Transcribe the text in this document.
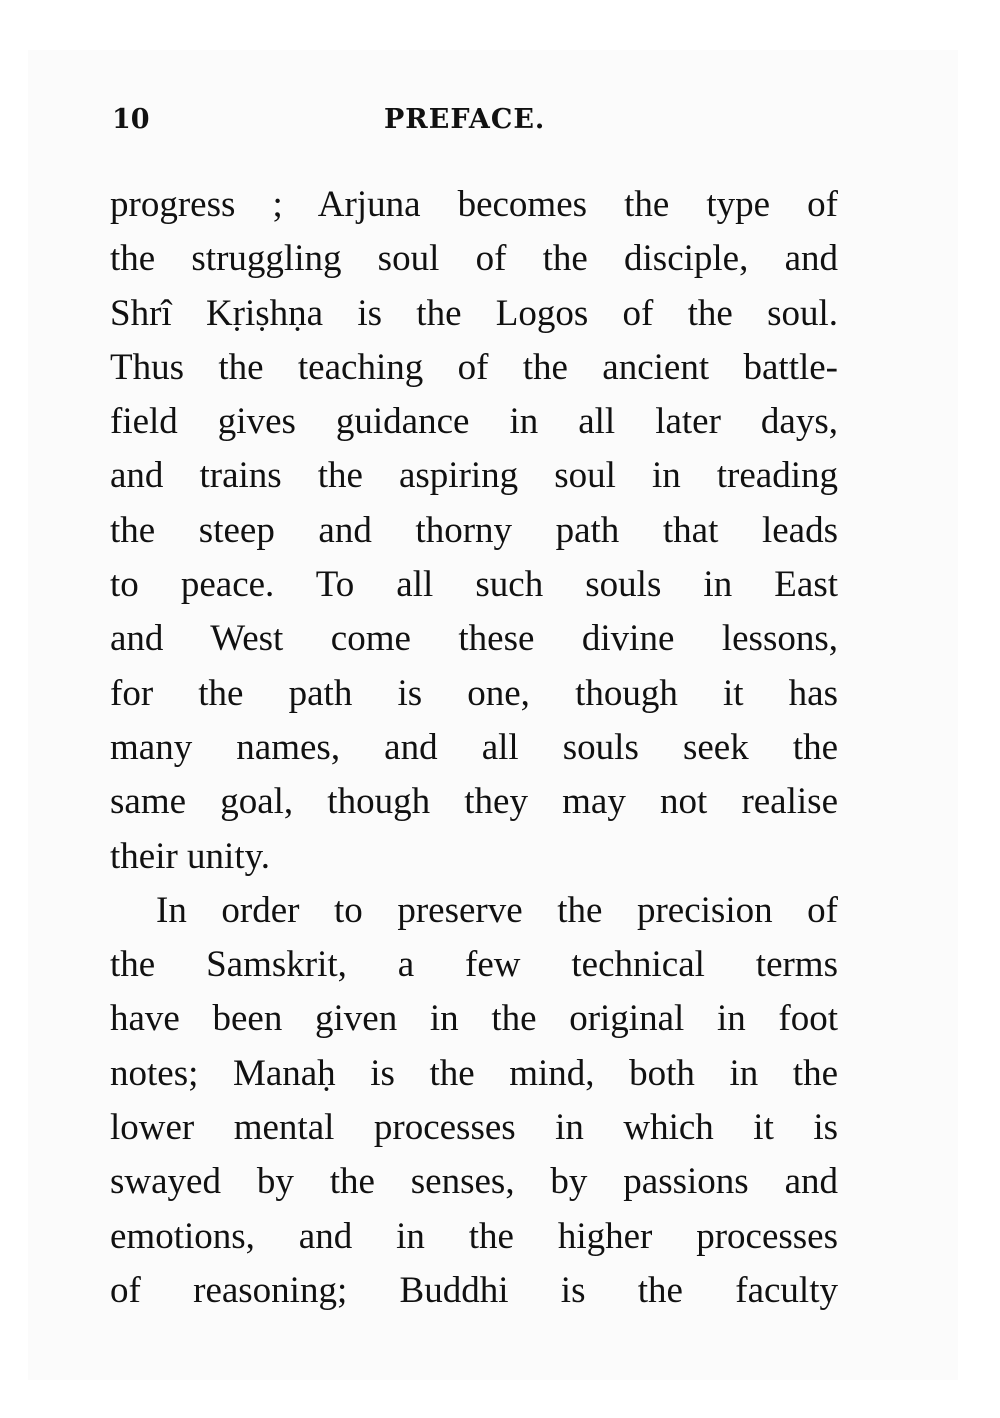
10	PREFACE.
progress ; Arjuna becomes the type of
the struggling soul of the disciple, and
Shrî Kṛiṣhṇa is the Logos of the soul.
Thus the teaching of the ancient battle-
field gives guidance in all later days,
and trains the aspiring soul in treading
the steep and thorny path that leads
to peace. To all such souls in East
and West come these divine lessons,
for the path is one, though it has
many names, and all souls seek the
same goal, though they may not realise
their unity.
In order to preserve the precision of
the Samskrit, a few technical terms
have been given in the original in foot
notes; Manaḥ is the mind, both in the
lower mental processes in which it is
swayed by the senses, by passions and
emotions, and in the higher processes
of reasoning; Buddhi is the faculty
